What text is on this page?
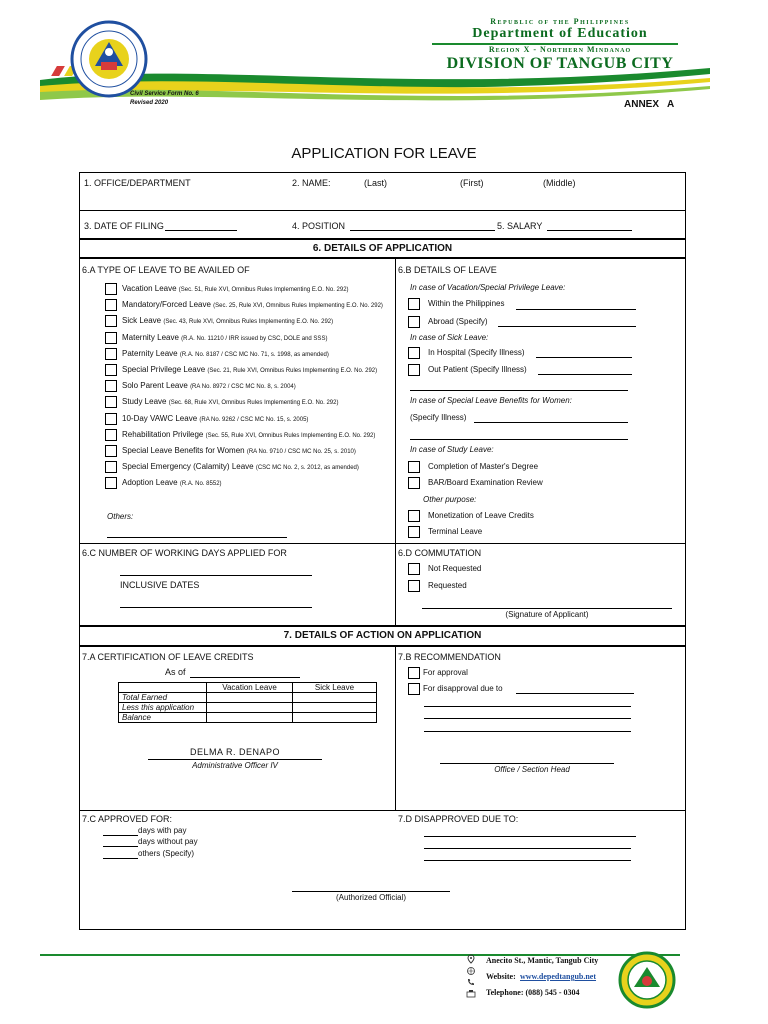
Republic of the Philippines
Department of Education
Region X - Northern Mindanao
DIVISION OF TANGUB CITY
Civil Service Form No. 6
Revised 2020	ANNEX   A
APPLICATION FOR LEAVE
1. OFFICE/DEPARTMENT	2. NAME:	(Last)	(First)	(Middle)
3. DATE OF FILING	4. POSITION	5. SALARY
6. DETAILS OF APPLICATION
6.A TYPE OF LEAVE TO BE AVAILED OF
Vacation Leave (Sec. 51, Rule XVI, Omnibus Rules Implementing E.O. No. 292)
Mandatory/Forced Leave (Sec. 25, Rule XVI, Omnibus Rules Implementing E.O. No. 292)
Sick Leave (Sec. 43, Rule XVI, Omnibus Rules Implementing E.O. No. 292)
Maternity Leave (R.A. No. 11210 / IRR issued by CSC, DOLE and SSS)
Paternity Leave (R.A. No. 8187 / CSC MC No. 71, s. 1998, as amended)
Special Privilege Leave (Sec. 21, Rule XVI, Omnibus Rules Implementing E.O. No. 292)
Solo Parent Leave (RA No. 8972 / CSC MC No. 8, s. 2004)
Study Leave (Sec. 68, Rule XVI, Omnibus Rules Implementing E.O. No. 292)
10-Day VAWC Leave (RA No. 9262 / CSC MC No. 15, s. 2005)
Rehabilitation Privilege (Sec. 55, Rule XVI, Omnibus Rules Implementing E.O. No. 292)
Special Leave Benefits for Women (RA No. 9710 / CSC MC No. 25, s. 2010)
Special Emergency (Calamity) Leave (CSC MC No. 2, s. 2012, as amended)
Adoption Leave (R.A. No. 8552)
Others:
6.B DETAILS OF LEAVE
In case of Vacation/Special Privilege Leave:
Within the Philippines
Abroad (Specify)
In case of Sick Leave:
In Hospital (Specify Illness)
Out Patient (Specify Illness)
In case of Special Leave Benefits for Women:
(Specify Illness)
In case of Study Leave:
Completion of Master's Degree
BAR/Board Examination Review
Other purpose:
Monetization of Leave Credits
Terminal Leave
6.C NUMBER OF WORKING DAYS APPLIED FOR
INCLUSIVE DATES
6.D COMMUTATION
Not Requested
Requested
(Signature of Applicant)
7. DETAILS OF ACTION ON APPLICATION
7.A CERTIFICATION OF LEAVE CREDITS
As of
	Vacation Leave	Sick Leave
Total Earned		
Less this application		
Balance		
DELMA R. DENAPO
Administrative Officer IV
7.B RECOMMENDATION
For approval
For disapproval due to
Office / Section Head
7.C APPROVED FOR:
days with pay
days without pay
others (Specify)
7.D DISAPPROVED DUE TO:
(Authorized Official)
Anecito St., Mantic, Tangub City
Website: www.depedtangub.net
Telephone: (088) 545 - 0304
